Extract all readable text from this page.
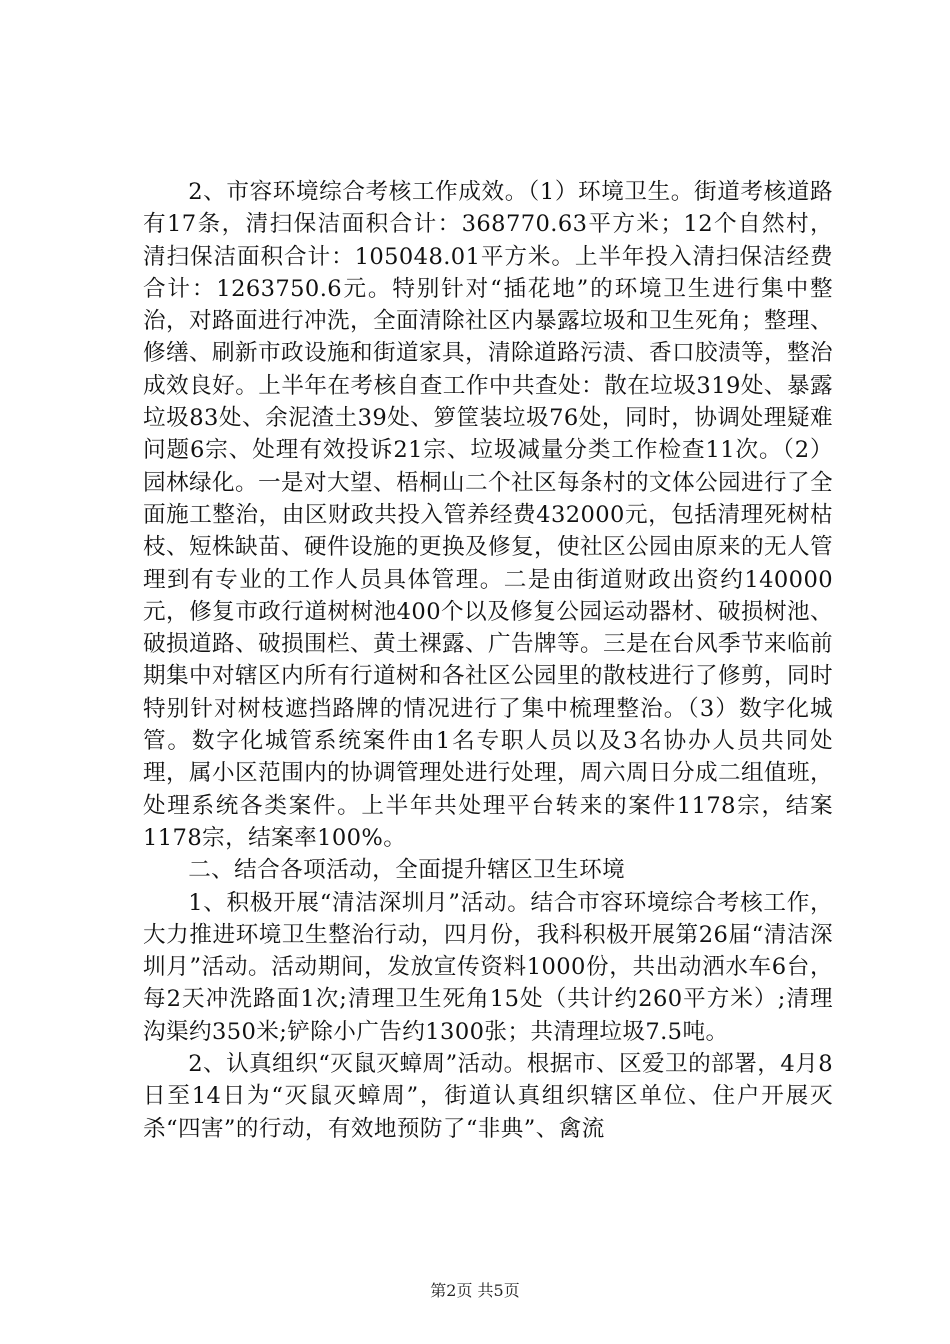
2、市容环境综合考核工作成效。（1）环境卫生。街道考核道路有17条，清扫保洁面积合计：368770.63平方米；12个自然村，清扫保洁面积合计：105048.01平方米。上半年投入清扫保洁经费合计：1263750.6元。特别针对“插花地”的环境卫生进行集中整治，对路面进行冲洗，全面清除社区内暴露垃圾和卫生死角；整理、修缮、刷新市政设施和街道家具，清除道路污渍、香口胶渍等，整治成效良好。上半年在考核自查工作中共查处：散在垃圾319处、暴露垃圾83处、余泥渣土39处、箩筐装垃圾76处，同时，协调处理疑难问题6宗、处理有效投诉21宗、垃圾减量分类工作检查11次。（2）园林绿化。一是对大望、梧桐山二个社区每条村的文体公园进行了全面施工整治，由区财政共投入管养经费432000元，包括清理死树枯枝、短株缺苗、硬件设施的更换及修复，使社区公园由原来的无人管理到有专业的工作人员具体管理。二是由街道财政出资约140000元，修复市政行道树树池400个以及修复公园运动器材、破损树池、破损道路、破损围栏、黄土裸露、广告牌等。三是在台风季节来临前期集中对辖区内所有行道树和各社区公园里的散枝进行了修剪，同时特别针对树枝遮挡路牌的情况进行了集中梳理整治。（3）数字化城管。数字化城管系统案件由1名专职人员以及3名协办人员共同处理，属小区范围内的协调管理处进行处理，周六周日分成二组值班，处理系统各类案件。上半年共处理平台转来的案件1178宗，结案1178宗，结案率100%。

二、结合各项活动，全面提升辖区卫生环境

1、积极开展“清洁深圳月”活动。结合市容环境综合考核工作，大力推进环境卫生整治行动，四月份，我科积极开展第26届“清洁深圳月”活动。活动期间，发放宣传资料1000份，共出动洒水车6台，每2天冲洗路面1次;清理卫生死角15处（共计约260平方米）;清理沟渠约350米;铲除小广告约1300张；共清理垃圾7.5吨。

2、认真组织“灭鼠灭蟑周”活动。根据市、区爱卫的部署，4月8日至14日为“灭鼠灭蟑周”，街道认真组织辖区单位、住户开展灭杀“四害”的行动，有效地预防了“非典”、禽流

第2页 共5页
